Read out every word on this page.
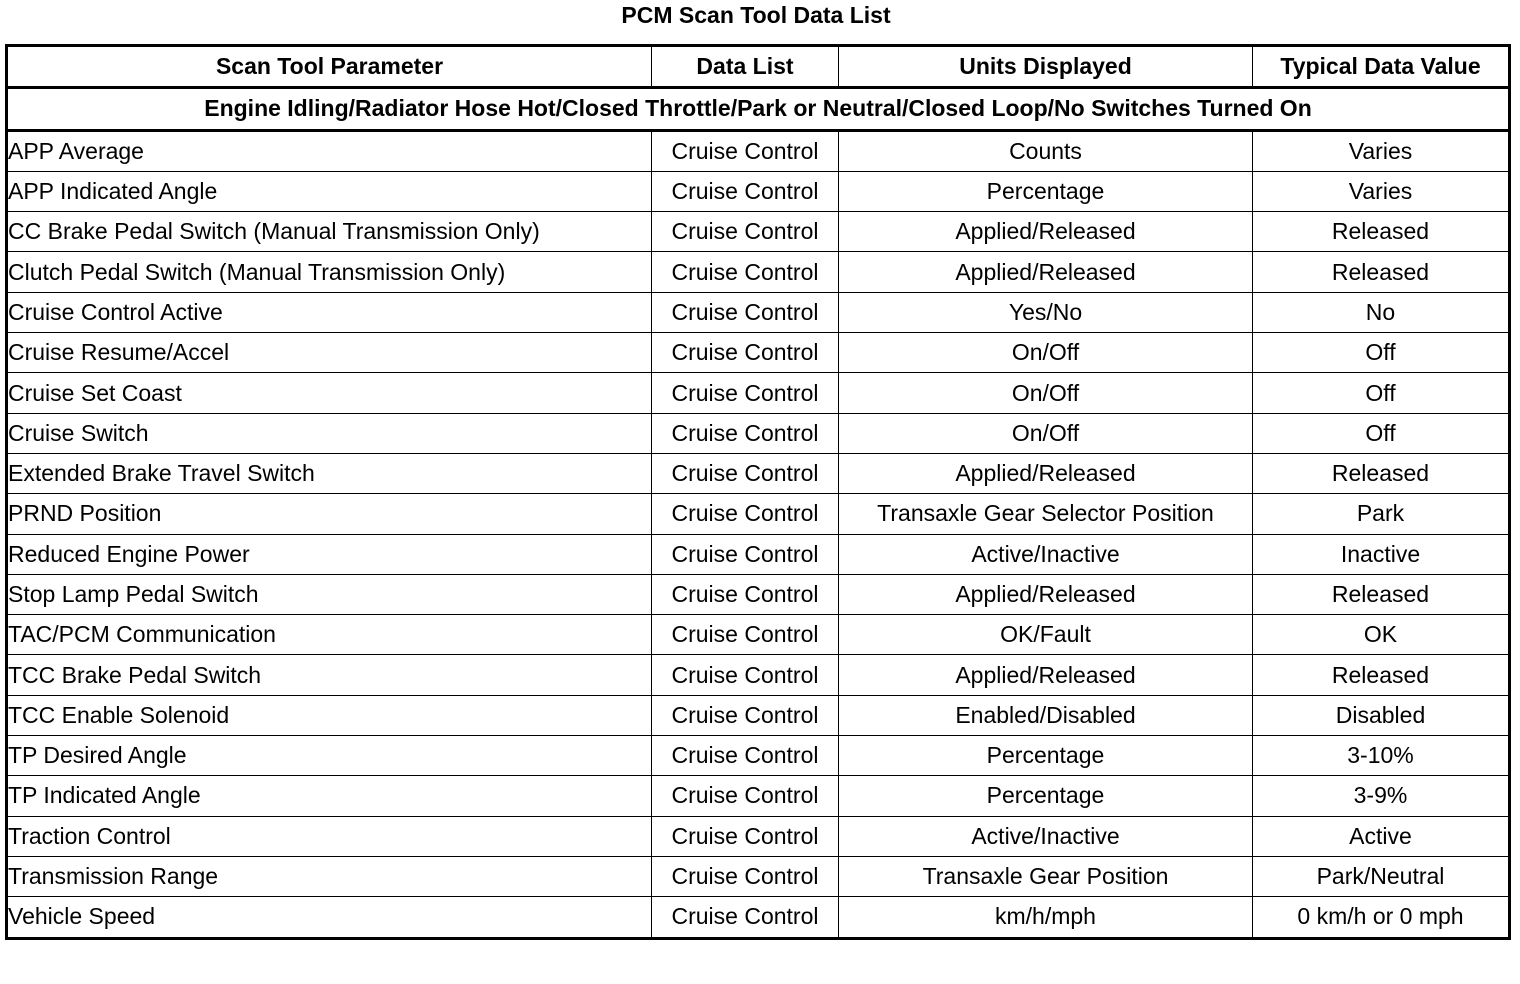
PCM Scan Tool Data List
Scan Tool Parameter	Data List	Units Displayed	Typical Data Value
Engine Idling/Radiator Hose Hot/Closed Throttle/Park or Neutral/Closed Loop/No Switches Turned On			
APP Average	Cruise Control	Counts	Varies
APP Indicated Angle	Cruise Control	Percentage	Varies
CC Brake Pedal Switch (Manual Transmission Only)	Cruise Control	Applied/Released	Released
Clutch Pedal Switch (Manual Transmission Only)	Cruise Control	Applied/Released	Released
Cruise Control Active	Cruise Control	Yes/No	No
Cruise Resume/Accel	Cruise Control	On/Off	Off
Cruise Set Coast	Cruise Control	On/Off	Off
Cruise Switch	Cruise Control	On/Off	Off
Extended Brake Travel Switch	Cruise Control	Applied/Released	Released
PRND Position	Cruise Control	Transaxle Gear Selector Position	Park
Reduced Engine Power	Cruise Control	Active/Inactive	Inactive
Stop Lamp Pedal Switch	Cruise Control	Applied/Released	Released
TAC/PCM Communication	Cruise Control	OK/Fault	OK
TCC Brake Pedal Switch	Cruise Control	Applied/Released	Released
TCC Enable Solenoid	Cruise Control	Enabled/Disabled	Disabled
TP Desired Angle	Cruise Control	Percentage	3-10%
TP Indicated Angle	Cruise Control	Percentage	3-9%
Traction Control	Cruise Control	Active/Inactive	Active
Transmission Range	Cruise Control	Transaxle Gear Position	Park/Neutral
Vehicle Speed	Cruise Control	km/h/mph	0 km/h or 0 mph
